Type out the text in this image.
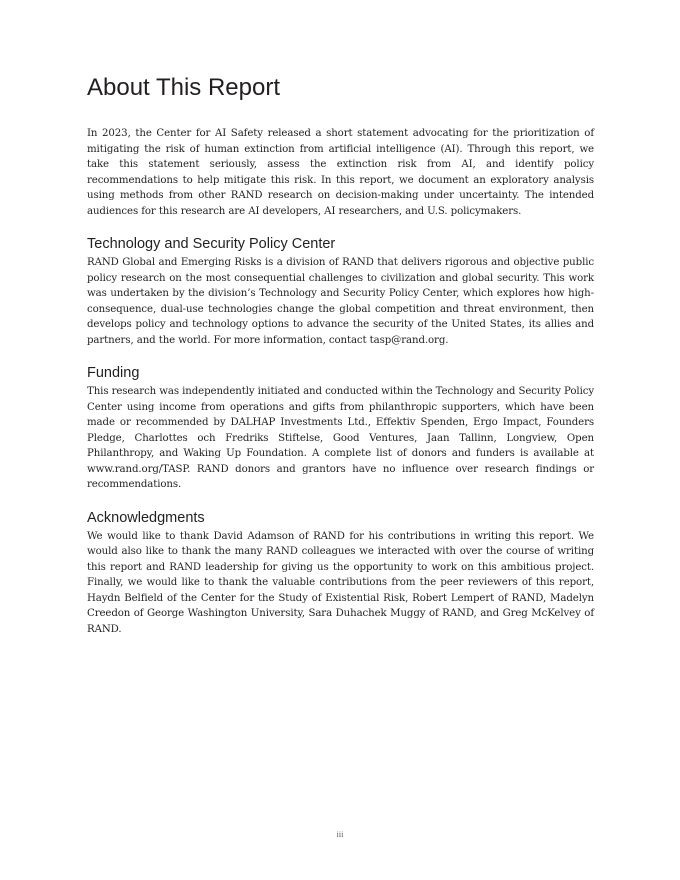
About This Report

In 2023, the Center for AI Safety released a short statement advocating for the prioritization of mitigating the risk of human extinction from artificial intelligence (AI). Through this report, we take this statement seriously, assess the extinction risk from AI, and identify policy recommendations to help mitigate this risk. In this report, we document an exploratory analysis using methods from other RAND research on decision-making under uncertainty. The intended audiences for this research are AI developers, AI researchers, and U.S. policymakers.

Technology and Security Policy Center

RAND Global and Emerging Risks is a division of RAND that delivers rigorous and objective public policy research on the most consequential challenges to civilization and global security. This work was undertaken by the division’s Technology and Security Policy Center, which explores how high-consequence, dual-use technologies change the global competition and threat environment, then develops policy and technology options to advance the security of the United States, its allies and partners, and the world. For more information, contact tasp@rand.org.

Funding

This research was independently initiated and conducted within the Technology and Security Policy Center using income from operations and gifts from philanthropic supporters, which have been made or recommended by DALHAP Investments Ltd., Effektiv Spenden, Ergo Impact, Founders Pledge, Charlottes och Fredriks Stiftelse, Good Ventures, Jaan Tallinn, Longview, Open Philanthropy, and Waking Up Foundation. A complete list of donors and funders is available at www.rand.org/TASP. RAND donors and grantors have no influence over research findings or recommendations.

Acknowledgments

We would like to thank David Adamson of RAND for his contributions in writing this report. We would also like to thank the many RAND colleagues we interacted with over the course of writing this report and RAND leadership for giving us the opportunity to work on this ambitious project. Finally, we would like to thank the valuable contributions from the peer reviewers of this report, Haydn Belfield of the Center for the Study of Existential Risk, Robert Lempert of RAND, Madelyn Creedon of George Washington University, Sara Duhachek Muggy of RAND, and Greg McKelvey of RAND.

iii
